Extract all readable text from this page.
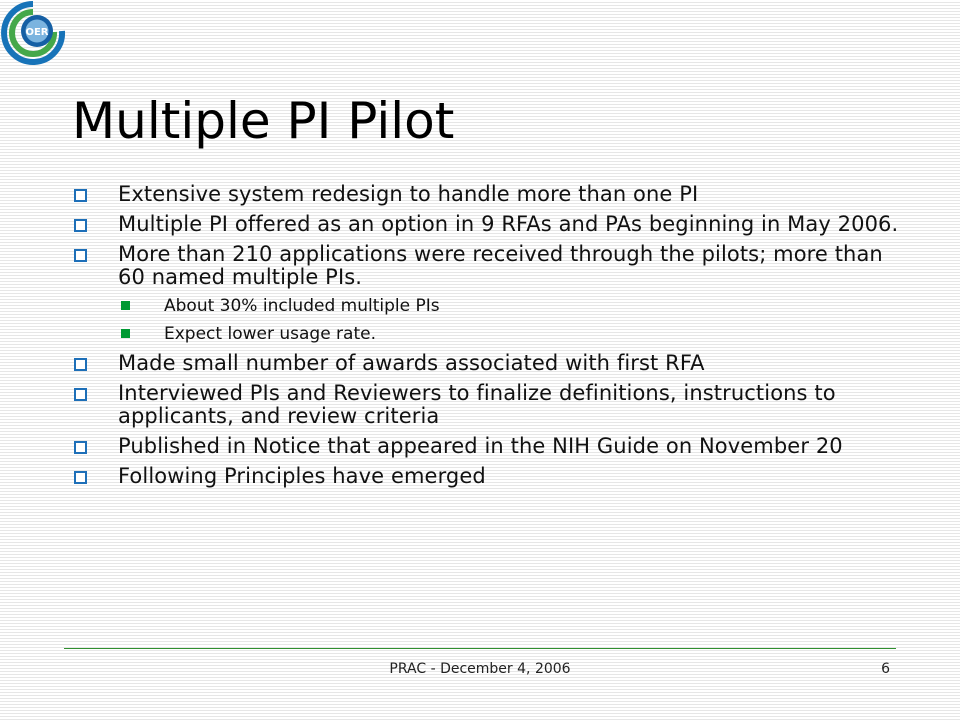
OER
Multiple PI Pilot
Extensive system redesign to handle more than one PI
Multiple PI offered as an option in 9 RFAs and PAs beginning in May 2006.
More than 210 applications were received through the pilots; more than 60 named multiple PIs.
About 30% included multiple PIs
Expect lower usage rate.
Made small number of awards associated with first RFA
Interviewed PIs and Reviewers to finalize definitions, instructions to applicants, and review criteria
Published in Notice that appeared in the NIH Guide on November 20
Following Principles have emerged

PRAC - December 4, 2006	6
